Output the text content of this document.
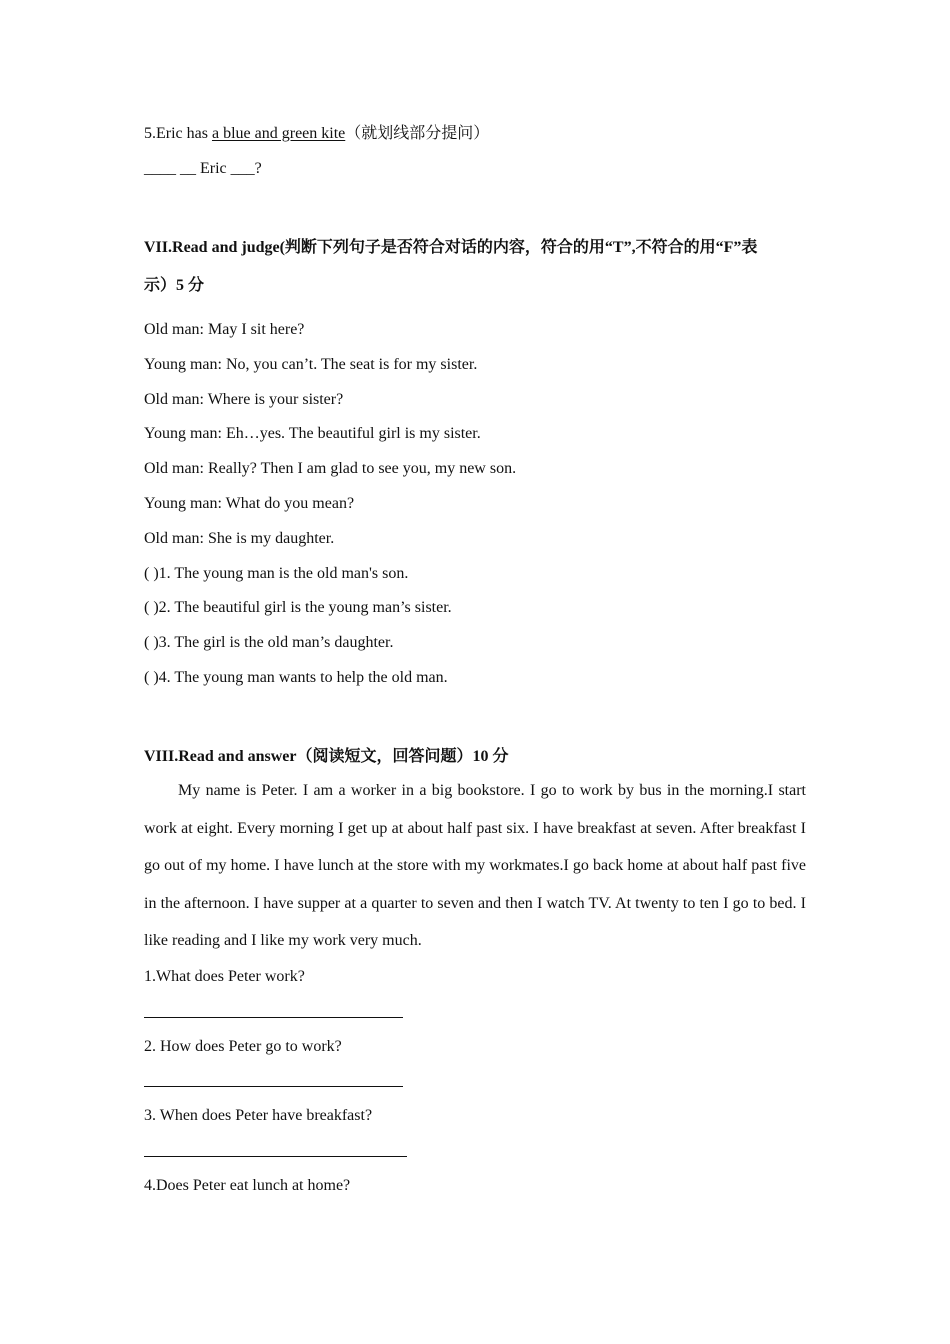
5.Eric has a blue and green kite（就划线部分提问）
____ __ Eric ___?
VII.Read and judge(判断下列句子是否符合对话的内容，符合的用“T”,不符合的用“F”表
示）5 分
Old man: May I sit here?
Young man: No, you can’t. The seat is for my sister.
Old man: Where is your sister?
Young man: Eh…yes. The beautiful girl is my sister.
Old man: Really? Then I am glad to see you, my new son.
Young man: What do you mean?
Old man: She is my daughter.
( )1. The young man is the old man's son.
( )2. The beautiful girl is the young man’s sister.
( )3. The girl is the old man’s daughter.
( )4. The young man wants to help the old man.
VIII.Read and answer（阅读短文，回答问题）10 分
My name is Peter. I am a worker in a big bookstore. I go to work by bus in the morning.I start work at eight. Every morning I get up at about half past six. I have breakfast at seven. After breakfast I go out of my home. I have lunch at the store with my workmates.I go back home at about half past five in the afternoon. I have supper at a quarter to seven and then I watch TV. At twenty to ten I go to bed. I like reading and I like my work very much.
1.What does Peter work?
2. How does Peter go to work?
3. When does Peter have breakfast?
4.Does Peter eat lunch at home?
